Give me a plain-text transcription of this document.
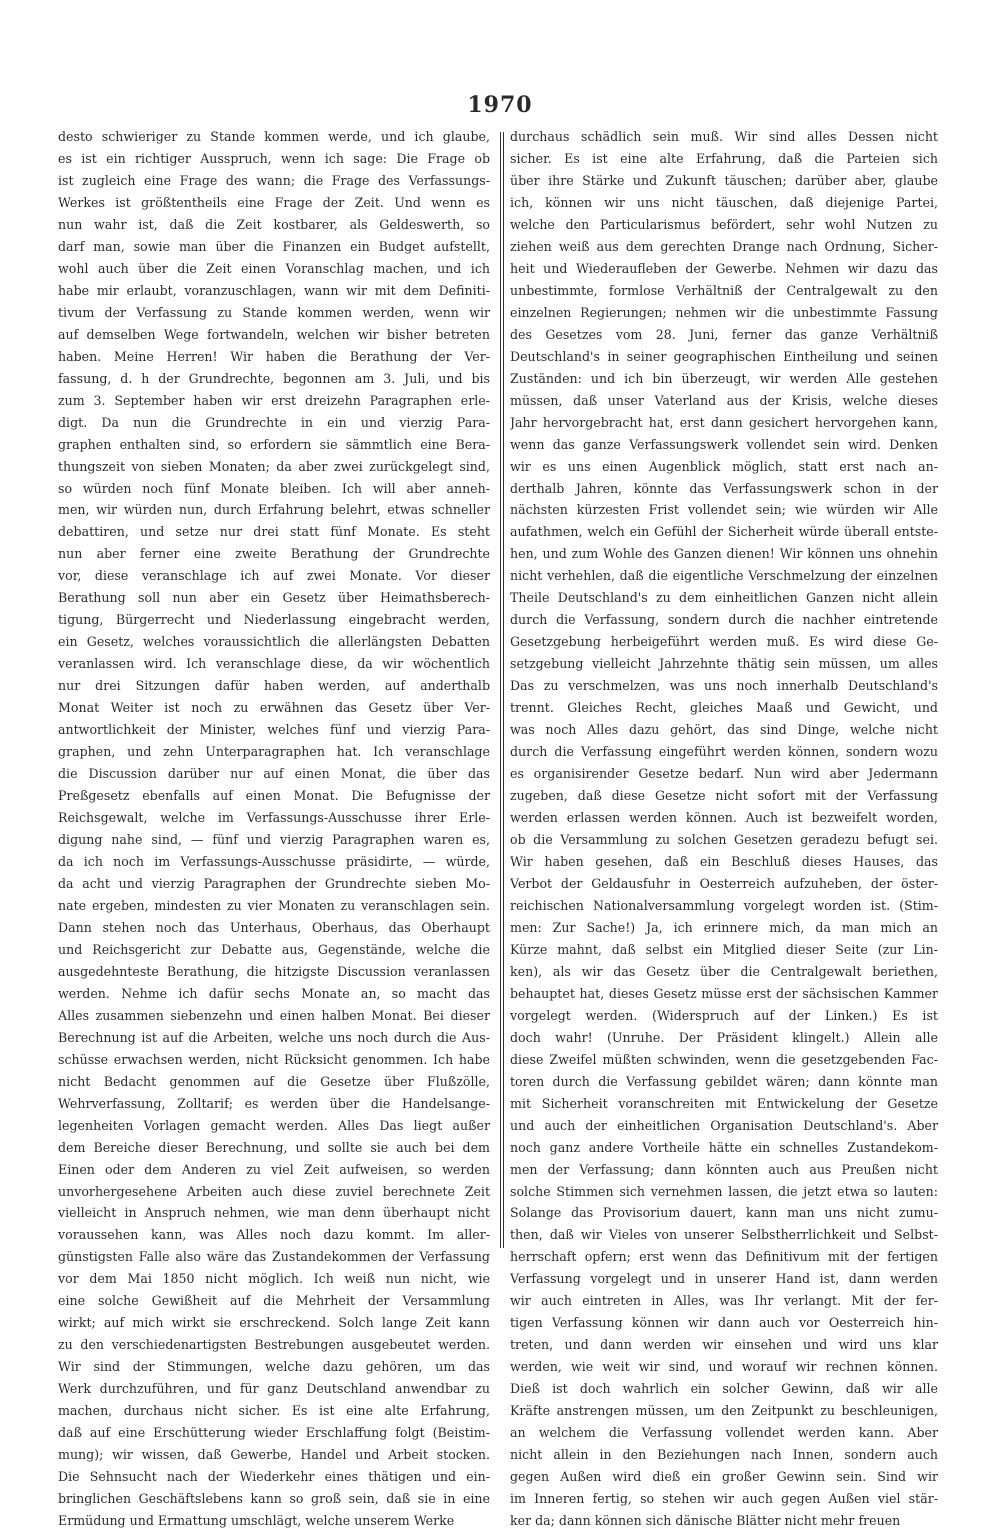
1970
desto schwieriger zu Stande kommen werde, und ich glaube,
es ist ein richtiger Ausspruch, wenn ich sage: Die Frage ob
ist zugleich eine Frage des wann; die Frage des Verfassungs-
Werkes ist größtentheils eine Frage der Zeit. Und wenn es
nun wahr ist, daß die Zeit kostbarer, als Geldeswerth, so
darf man, sowie man über die Finanzen ein Budget aufstellt,
wohl auch über die Zeit einen Voranschlag machen, und ich
habe mir erlaubt, voranzuschlagen, wann wir mit dem Definiti-
tivum der Verfassung zu Stande kommen werden, wenn wir
auf demselben Wege fortwandeln, welchen wir bisher betreten
haben. Meine Herren! Wir haben die Berathung der Ver-
fassung, d. h der Grundrechte, begonnen am 3. Juli, und bis
zum 3. September haben wir erst dreizehn Paragraphen erle-
digt. Da nun die Grundrechte in ein und vierzig Para-
graphen enthalten sind, so erfordern sie sämmtlich eine Bera-
thungszeit von sieben Monaten; da aber zwei zurückgelegt sind,
so würden noch fünf Monate bleiben. Ich will aber anneh-
men, wir würden nun, durch Erfahrung belehrt, etwas schneller
debattiren, und setze nur drei statt fünf Monate. Es steht
nun aber ferner eine zweite Berathung der Grundrechte
vor, diese veranschlage ich auf zwei Monate. Vor dieser
Berathung soll nun aber ein Gesetz über Heimathsberech-
tigung, Bürgerrecht und Niederlassung eingebracht werden,
ein Gesetz, welches voraussichtlich die allerlängsten Debatten
veranlassen wird. Ich veranschlage diese, da wir wöchentlich
nur drei Sitzungen dafür haben werden, auf anderthalb
Monat Weiter ist noch zu erwähnen das Gesetz über Ver-
antwortlichkeit der Minister, welches fünf und vierzig Para-
graphen, und zehn Unterparagraphen hat. Ich veranschlage
die Discussion darüber nur auf einen Monat, die über das
Preßgesetz ebenfalls auf einen Monat. Die Befugnisse der
Reichsgewalt, welche im Verfassungs-Ausschusse ihrer Erle-
digung nahe sind, — fünf und vierzig Paragraphen waren es,
da ich noch im Verfassungs-Ausschusse präsidirte, — würde,
da acht und vierzig Paragraphen der Grundrechte sieben Mo-
nate ergeben, mindesten zu vier Monaten zu veranschlagen sein.
Dann stehen noch das Unterhaus, Oberhaus, das Oberhaupt
und Reichsgericht zur Debatte aus, Gegenstände, welche die
ausgedehnteste Berathung, die hitzigste Discussion veranlassen
werden. Nehme ich dafür sechs Monate an, so macht das
Alles zusammen siebenzehn und einen halben Monat. Bei dieser
Berechnung ist auf die Arbeiten, welche uns noch durch die Aus-
schüsse erwachsen werden, nicht Rücksicht genommen. Ich habe
nicht Bedacht genommen auf die Gesetze über Flußzölle,
Wehrverfassung, Zolltarif; es werden über die Handelsange-
legenheiten Vorlagen gemacht werden. Alles Das liegt außer
dem Bereiche dieser Berechnung, und sollte sie auch bei dem
Einen oder dem Anderen zu viel Zeit aufweisen, so werden
unvorhergesehene Arbeiten auch diese zuviel berechnete Zeit
vielleicht in Anspruch nehmen, wie man denn überhaupt nicht
voraussehen kann, was Alles noch dazu kommt. Im aller-
günstigsten Falle also wäre das Zustandekommen der Verfassung
vor dem Mai 1850 nicht möglich. Ich weiß nun nicht, wie
eine solche Gewißheit auf die Mehrheit der Versammlung
wirkt; auf mich wirkt sie erschreckend. Solch lange Zeit kann
zu den verschiedenartigsten Bestrebungen ausgebeutet werden.
Wir sind der Stimmungen, welche dazu gehören, um das
Werk durchzuführen, und für ganz Deutschland anwendbar zu
machen, durchaus nicht sicher. Es ist eine alte Erfahrung,
daß auf eine Erschütterung wieder Erschlaffung folgt (Beistim-
mung); wir wissen, daß Gewerbe, Handel und Arbeit stocken.
Die Sehnsucht nach der Wiederkehr eines thätigen und ein-
bringlichen Geschäftslebens kann so groß sein, daß sie in eine
Ermüdung und Ermattung umschlägt, welche unserem Werke
durchaus schädlich sein muß. Wir sind alles Dessen nicht
sicher. Es ist eine alte Erfahrung, daß die Parteien sich
über ihre Stärke und Zukunft täuschen; darüber aber, glaube
ich, können wir uns nicht täuschen, daß diejenige Partei,
welche den Particularismus befördert, sehr wohl Nutzen zu
ziehen weiß aus dem gerechten Drange nach Ordnung, Sicher-
heit und Wiederaufleben der Gewerbe. Nehmen wir dazu das
unbestimmte, formlose Verhältniß der Centralgewalt zu den
einzelnen Regierungen; nehmen wir die unbestimmte Fassung
des Gesetzes vom 28. Juni, ferner das ganze Verhältniß
Deutschland's in seiner geographischen Eintheilung und seinen
Zuständen: und ich bin überzeugt, wir werden Alle gestehen
müssen, daß unser Vaterland aus der Krisis, welche dieses
Jahr hervorgebracht hat, erst dann gesichert hervorgehen kann,
wenn das ganze Verfassungswerk vollendet sein wird. Denken
wir es uns einen Augenblick möglich, statt erst nach an-
derthalb Jahren, könnte das Verfassungswerk schon in der
nächsten kürzesten Frist vollendet sein; wie würden wir Alle
aufathmen, welch ein Gefühl der Sicherheit würde überall entste-
hen, und zum Wohle des Ganzen dienen! Wir können uns ohnehin
nicht verhehlen, daß die eigentliche Verschmelzung der einzelnen
Theile Deutschland's zu dem einheitlichen Ganzen nicht allein
durch die Verfassung, sondern durch die nachher eintretende
Gesetzgebung herbeigeführt werden muß. Es wird diese Ge-
setzgebung vielleicht Jahrzehnte thätig sein müssen, um alles
Das zu verschmelzen, was uns noch innerhalb Deutschland's
trennt. Gleiches Recht, gleiches Maaß und Gewicht, und
was noch Alles dazu gehört, das sind Dinge, welche nicht
durch die Verfassung eingeführt werden können, sondern wozu
es organisirender Gesetze bedarf. Nun wird aber Jedermann
zugeben, daß diese Gesetze nicht sofort mit der Verfassung
werden erlassen werden können. Auch ist bezweifelt worden,
ob die Versammlung zu solchen Gesetzen geradezu befugt sei.
Wir haben gesehen, daß ein Beschluß dieses Hauses, das
Verbot der Geldausfuhr in Oesterreich aufzuheben, der öster-
reichischen Nationalversammlung vorgelegt worden ist. (Stim-
men: Zur Sache!) Ja, ich erinnere mich, da man mich an
Kürze mahnt, daß selbst ein Mitglied dieser Seite (zur Lin-
ken), als wir das Gesetz über die Centralgewalt beriethen,
behauptet hat, dieses Gesetz müsse erst der sächsischen Kammer
vorgelegt werden. (Widerspruch auf der Linken.) Es ist
doch wahr! (Unruhe. Der Präsident klingelt.) Allein alle
diese Zweifel müßten schwinden, wenn die gesetzgebenden Fac-
toren durch die Verfassung gebildet wären; dann könnte man
mit Sicherheit voranschreiten mit Entwickelung der Gesetze
und auch der einheitlichen Organisation Deutschland's. Aber
noch ganz andere Vortheile hätte ein schnelles Zustandekom-
men der Verfassung; dann könnten auch aus Preußen nicht
solche Stimmen sich vernehmen lassen, die jetzt etwa so lauten:
Solange das Provisorium dauert, kann man uns nicht zumu-
then, daß wir Vieles von unserer Selbstherrlichkeit und Selbst-
herrschaft opfern; erst wenn das Definitivum mit der fertigen
Verfassung vorgelegt und in unserer Hand ist, dann werden
wir auch eintreten in Alles, was Ihr verlangt. Mit der fer-
tigen Verfassung können wir dann auch vor Oesterreich hin-
treten, und dann werden wir einsehen und wird uns klar
werden, wie weit wir sind, und worauf wir rechnen können.
Dieß ist doch wahrlich ein solcher Gewinn, daß wir alle
Kräfte anstrengen müssen, um den Zeitpunkt zu beschleunigen,
an welchem die Verfassung vollendet werden kann. Aber
nicht allein in den Beziehungen nach Innen, sondern auch
gegen Außen wird dieß ein großer Gewinn sein. Sind wir
im Inneren fertig, so stehen wir auch gegen Außen viel stär-
ker da; dann können sich dänische Blätter nicht mehr freuen
